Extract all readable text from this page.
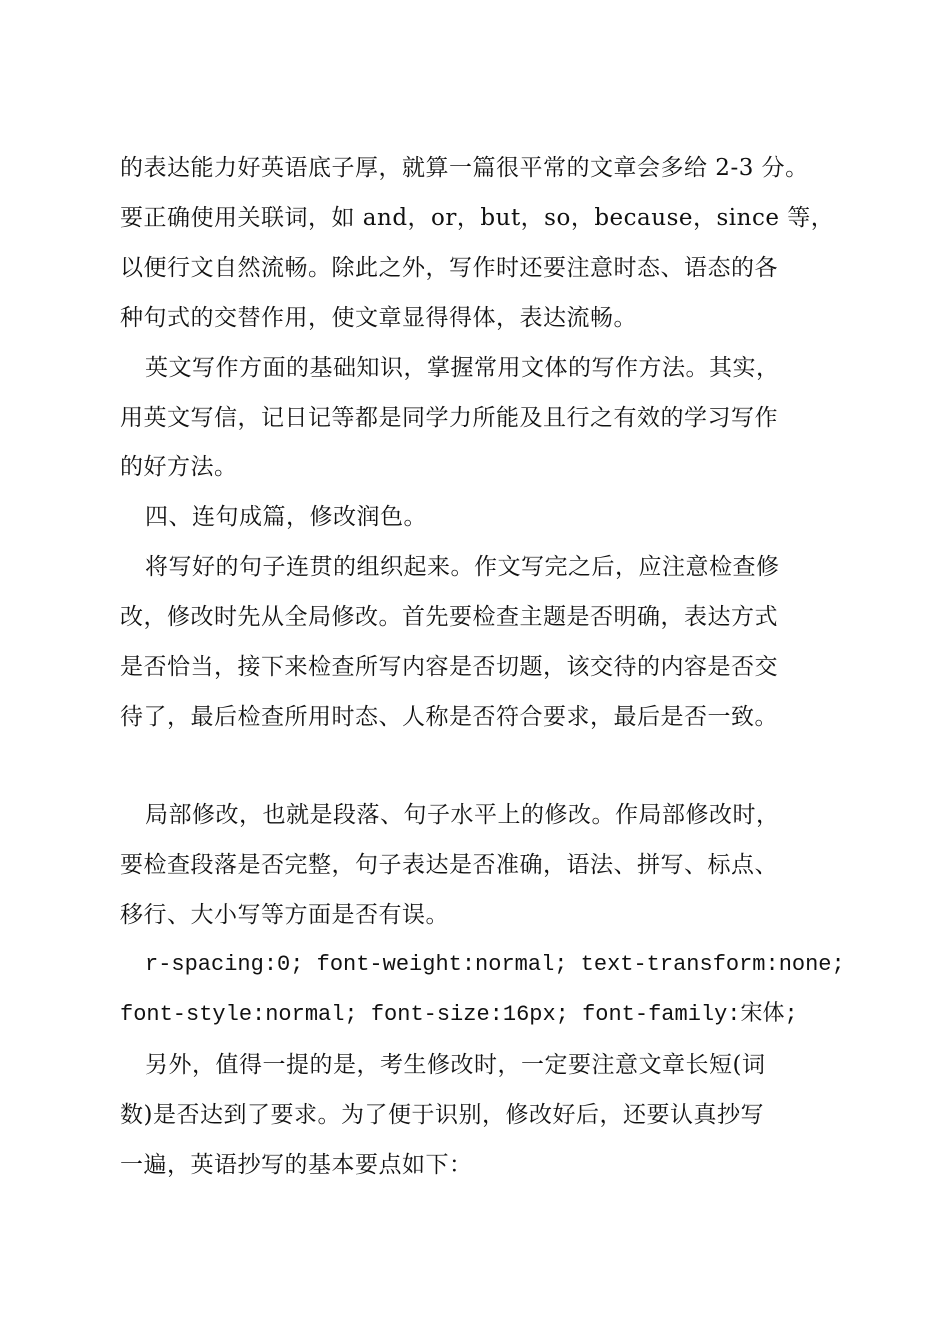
的表达能力好英语底子厚，就算一篇很平常的文章会多给 2-3 分。
要正确使用关联词，如 and，or，but，so，because，since 等，
以便行文自然流畅。除此之外，写作时还要注意时态、语态的各
种句式的交替作用，使文章显得得体，表达流畅。
英文写作方面的基础知识，掌握常用文体的写作方法。其实，
用英文写信，记日记等都是同学力所能及且行之有效的学习写作
的好方法。
四、连句成篇，修改润色。
将写好的句子连贯的组织起来。作文写完之后，应注意检查修
改，修改时先从全局修改。首先要检查主题是否明确，表达方式
是否恰当，接下来检查所写内容是否切题，该交待的内容是否交
待了，最后检查所用时态、人称是否符合要求，最后是否一致。
局部修改，也就是段落、句子水平上的修改。作局部修改时，
要检查段落是否完整，句子表达是否准确，语法、拼写、标点、
移行、大小写等方面是否有误。
r-spacing:0; font-weight:normal; text-transform:none;
font-style:normal; font-size:16px; font-family:宋体;
另外，值得一提的是，考生修改时，一定要注意文章长短(词
数)是否达到了要求。为了便于识别，修改好后，还要认真抄写
一遍，英语抄写的基本要点如下：
